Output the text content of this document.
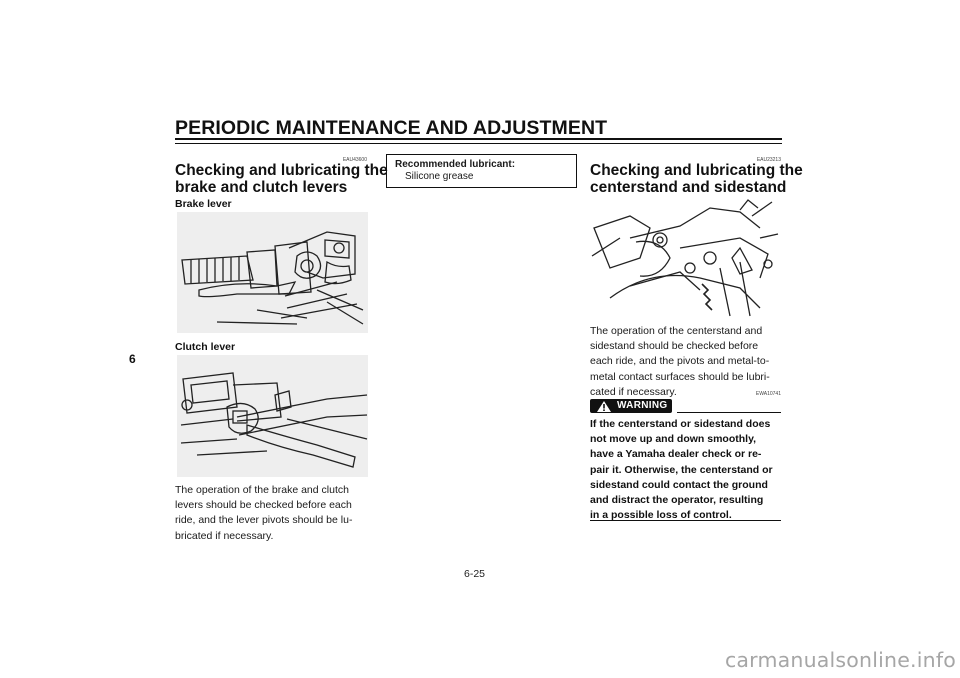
PERIODIC MAINTENANCE AND ADJUSTMENT
6
EAU43600
Checking and lubricating the
brake and clutch levers
Brake lever
Clutch lever
The operation of the brake and clutch
levers should be checked before each
ride, and the lever pivots should be lu-
bricated if necessary.
Recommended lubricant:
Silicone grease
EAU23213
Checking and lubricating the
centerstand and sidestand
The operation of the centerstand and
sidestand should be checked before
each ride, and the pivots and metal-to-
metal contact surfaces should be lubri-
cated if necessary.	EWA10741
WARNING
If the centerstand or sidestand does
not move up and down smoothly,
have a Yamaha dealer check or re-
pair it. Otherwise, the centerstand or
sidestand could contact the ground
and distract the operator, resulting
in a possible loss of control.
6-25
carmanualsonline.info
